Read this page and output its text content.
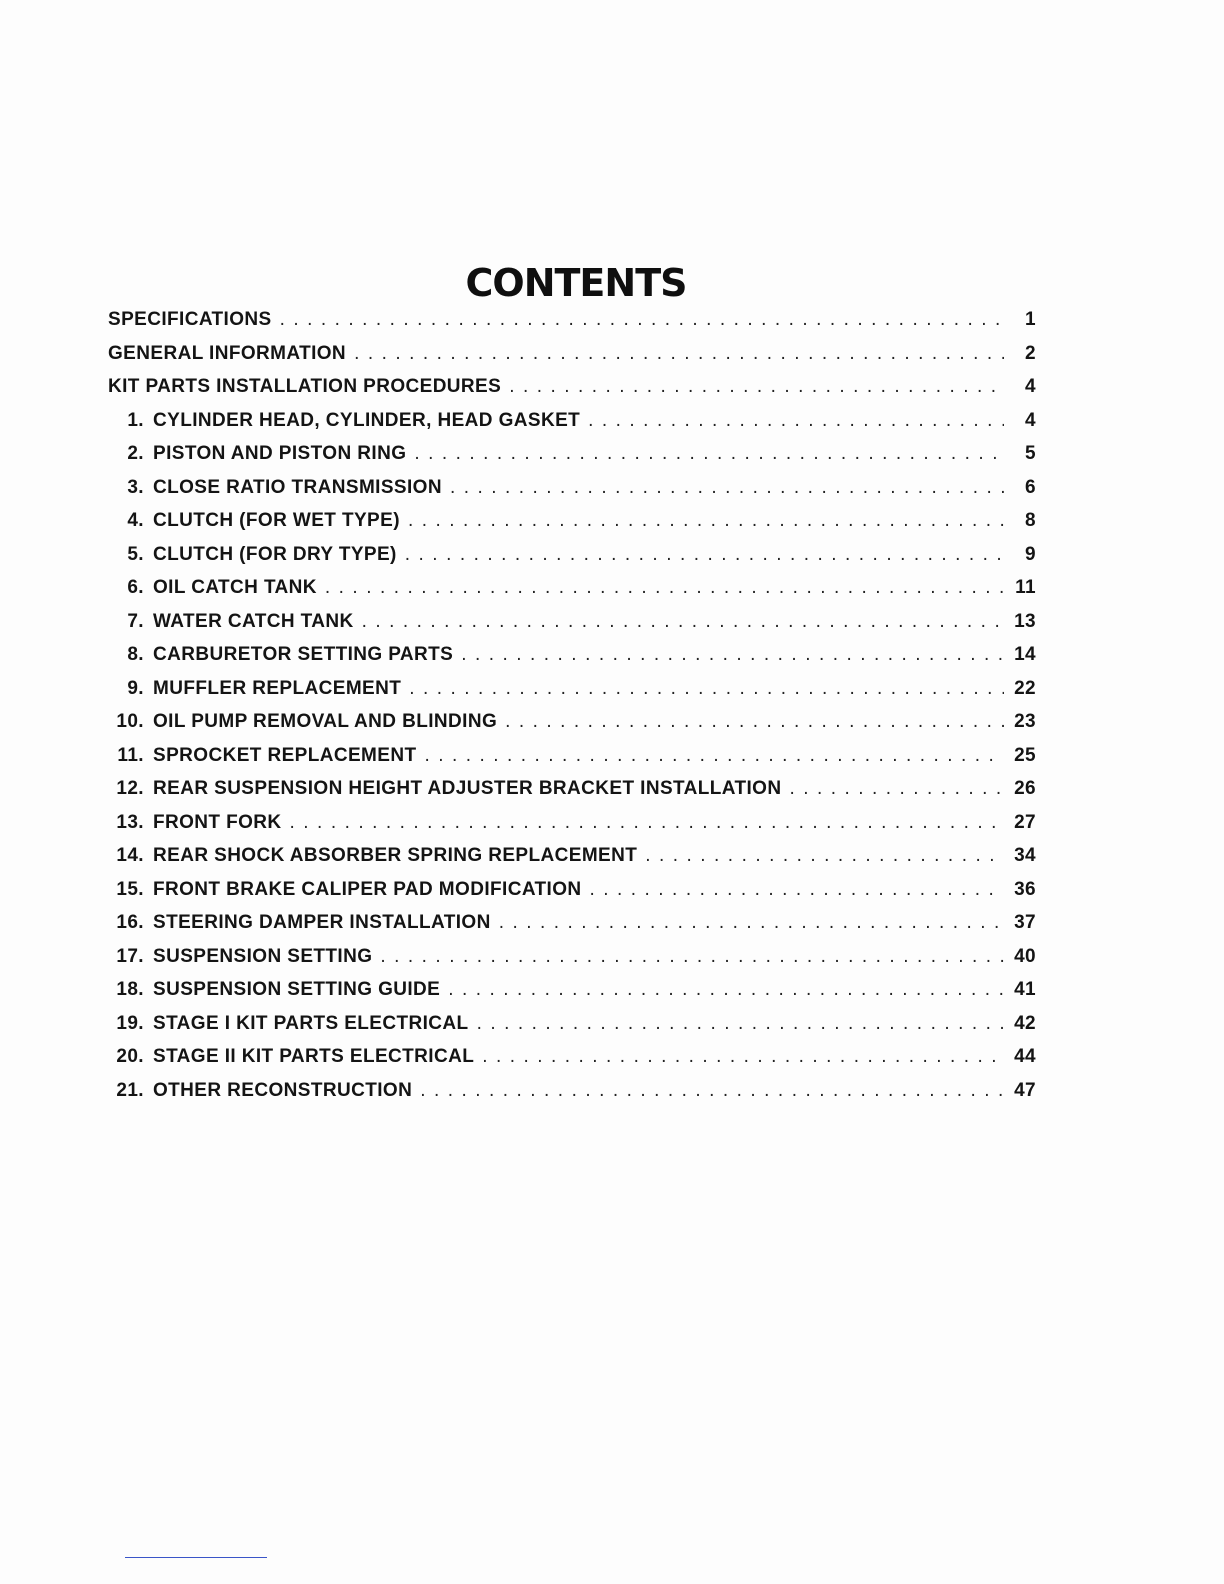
CONTENTS
SPECIFICATIONS . . .	1
GENERAL INFORMATION . . .	2
KIT PARTS INSTALLATION PROCEDURES . . .	4
1. CYLINDER HEAD, CYLINDER, HEAD GASKET . . .	4
2. PISTON AND PISTON RING . . .	5
3. CLOSE RATIO TRANSMISSION . . .	6
4. CLUTCH (FOR WET TYPE) . . .	8
5. CLUTCH (FOR DRY TYPE) . . .	9
6. OIL CATCH TANK . . .	11
7. WATER CATCH TANK . . .	13
8. CARBURETOR SETTING PARTS . . .	14
9. MUFFLER REPLACEMENT . . .	22
10. OIL PUMP REMOVAL AND BLINDING . . .	23
11. SPROCKET REPLACEMENT . . .	25
12. REAR SUSPENSION HEIGHT ADJUSTER BRACKET INSTALLATION . . .	26
13. FRONT FORK . . .	27
14. REAR SHOCK ABSORBER SPRING REPLACEMENT . . .	34
15. FRONT BRAKE CALIPER PAD MODIFICATION . . .	36
16. STEERING DAMPER INSTALLATION . . .	37
17. SUSPENSION SETTING . . .	40
18. SUSPENSION SETTING GUIDE . . .	41
19. STAGE I KIT PARTS ELECTRICAL . . .	42
20. STAGE II KIT PARTS ELECTRICAL . . .	44
21. OTHER RECONSTRUCTION . . .	47
